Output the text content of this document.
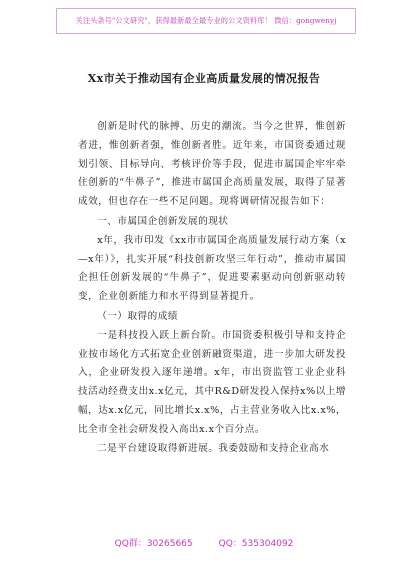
关注头条号"公文研究"，获得最新最全最专业的公文资料库！ 微信：gongwenyj
Xx市关于推动国有企业高质量发展的情况报告

创新是时代的脉搏、历史的潮流。当今之世界，惟创新者进，惟创新者强，惟创新者胜。近年来，市国资委通过规划引领、目标导向、考核评价等手段，促进市属国企牢牢牵住创新的“牛鼻子”，推进市属国企高质量发展，取得了显著成效，但也存在一些不足问题。现将调研情况报告如下：

一、市属国企创新发展的现状

x年，我市印发《xx市市属国企高质量发展行动方案（x—x年）》，扎实开展“科技创新攻坚三年行动”，推动市属国企担任创新发展的“牛鼻子”，促进要素驱动向创新驱动转变，企业创新能力和水平得到显著提升。

（一）取得的成绩

一是科技投入跃上新台阶。市国资委积极引导和支持企业按市场化方式拓宽企业创新融资渠道，进一步加大研发投入，企业研发投入逐年递增。x年，市出资监管工业企业科技活动经费支出x.x亿元，其中R&D研发投入保持x%以上增幅，达x.x亿元，同比增长x.x%，占主营业务收入比x.x%，比全市全社会研发投入高出x.x个百分点。

二是平台建设取得新进展。我委鼓励和支持企业高水

QQ群：30265665	QQ：535304092
